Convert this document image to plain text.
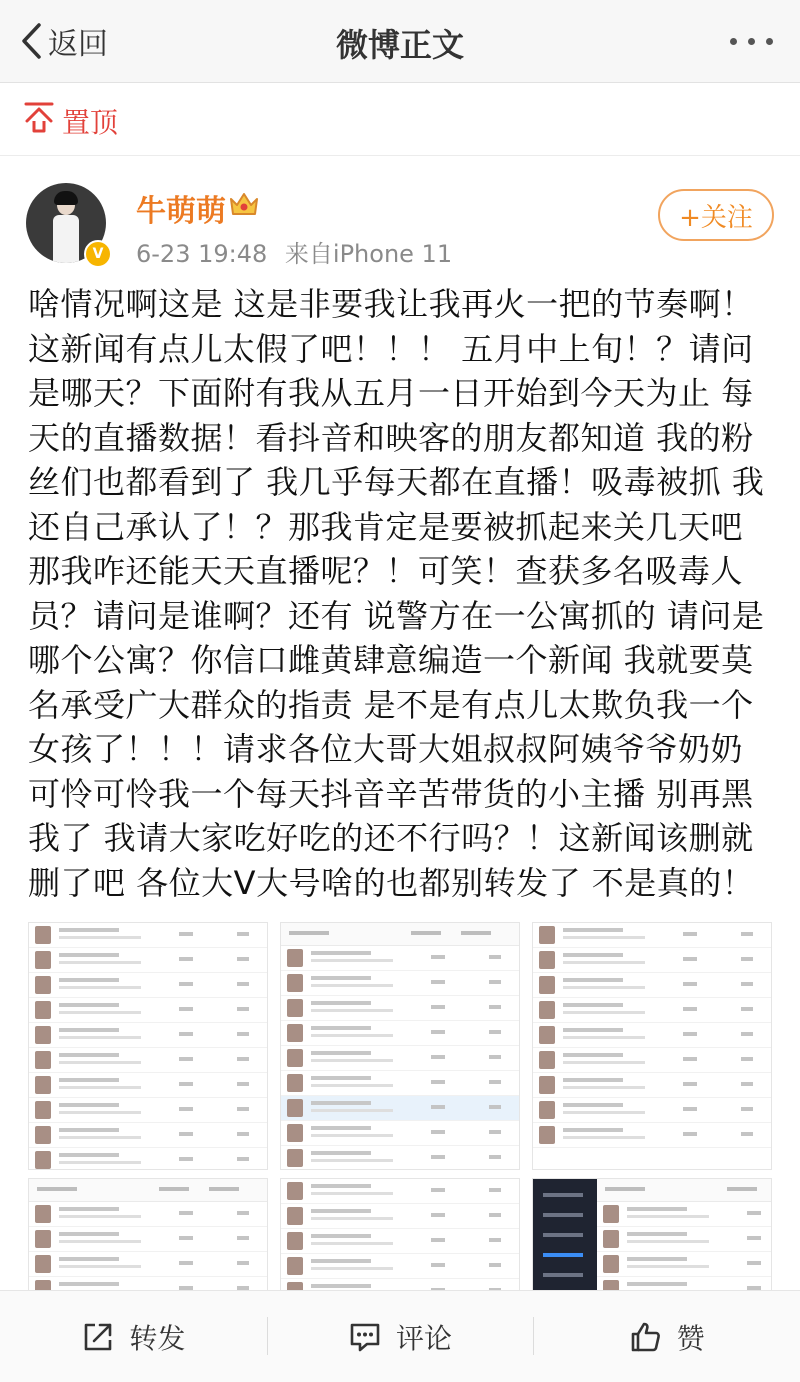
返回	微博正文
置顶
V
牛萌萌
6-23 19:48 来自iPhone 11
+关注

啥情况啊这是 这是非要我让我再火一把的节奏啊！这新闻有点儿太假了吧！！！ 五月中上旬！？请问是哪天？下面附有我从五月一日开始到今天为止 每天的直播数据！看抖音和映客的朋友都知道 我的粉丝们也都看到了 我几乎每天都在直播！吸毒被抓 我还自己承认了！？那我肯定是要被抓起来关几天吧 那我咋还能天天直播呢？！可笑！查获多名吸毒人员？请问是谁啊？还有 说警方在一公寓抓的 请问是哪个公寓？你信口雌黄肆意编造一个新闻 我就要莫名承受广大群众的指责 是不是有点儿太欺负我一个女孩了！！！请求各位大哥大姐叔叔阿姨爷爷奶奶 可怜可怜我一个每天抖音辛苦带货的小主播 别再黑我了 我请大家吃好吃的还不行吗？！这新闻该删就删了吧 各位大V大号啥的也都别转发了 不是真的！

转发	评论	赞
